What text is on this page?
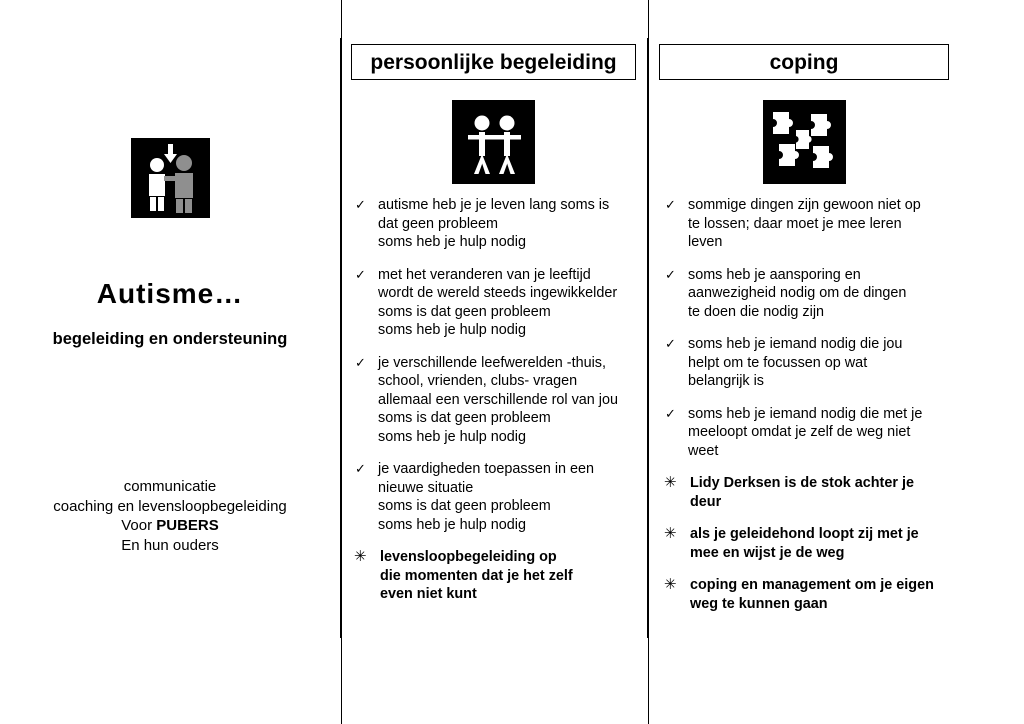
Autisme…
begeleiding en ondersteuning
communicatie
coaching en levensloopbegeleiding
Voor PUBERS
En hun ouders
persoonlijke begeleiding
✓ autisme heb je je leven lang soms is
dat geen probleem
soms heb je hulp nodig
✓ met het veranderen van je leeftijd
wordt de wereld steeds ingewikkelder
soms is dat geen probleem
soms heb je hulp nodig
✓ je verschillende leefwerelden -thuis,
school, vrienden, clubs- vragen
allemaal een verschillende rol van jou
soms is dat geen probleem
soms heb je hulp nodig
✓ je vaardigheden toepassen in een
nieuwe situatie
soms is dat geen probleem
soms heb je hulp nodig
✳ levensloopbegeleiding op
die momenten dat je het zelf
even niet kunt
coping
✓ sommige dingen zijn gewoon niet op
te lossen; daar moet je mee leren
leven
✓ soms heb je aansporing en
aanwezigheid nodig om de dingen
te doen die nodig zijn
✓ soms heb je iemand nodig die jou
helpt om te focussen op wat
belangrijk is
✓ soms heb je iemand nodig die met je
meeloopt omdat je zelf de weg niet
weet
✳ Lidy Derksen is de stok achter je
deur
✳ als je geleidehond loopt zij met je
mee en wijst je de weg
✳ coping en management om je eigen
weg te kunnen gaan
